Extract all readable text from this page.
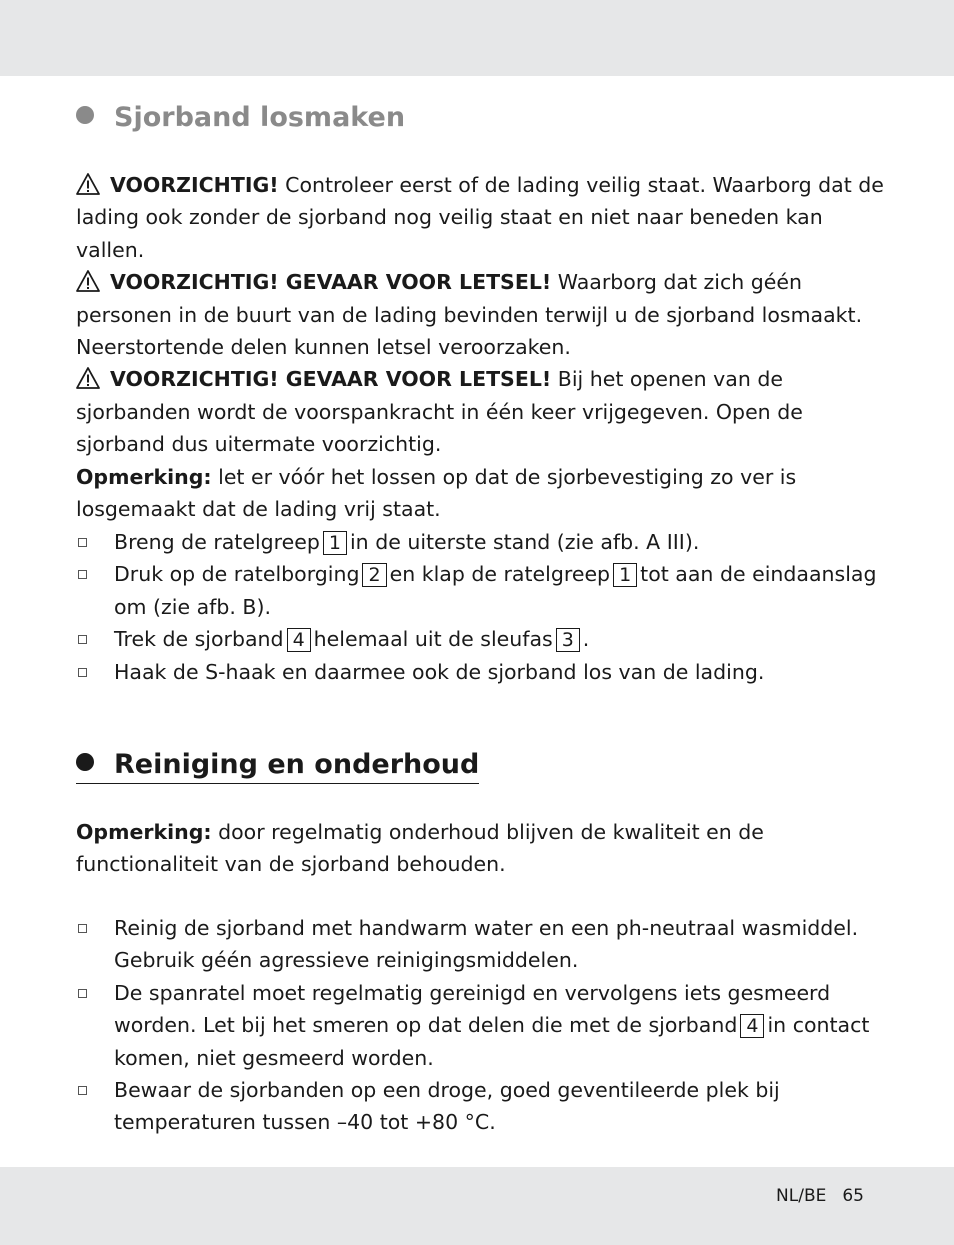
Sjorband losmaken
VOORZICHTIG! Controleer eerst of de lading veilig staat. Waarborg dat de lading ook zonder de sjorband nog veilig staat en niet naar beneden kan vallen.
VOORZICHTIG! GEVAAR VOOR LETSEL! Waarborg dat zich géén personen in de buurt van de lading bevinden terwijl u de sjorband losmaakt. Neerstortende delen kunnen letsel veroorzaken.
VOORZICHTIG! GEVAAR VOOR LETSEL! Bij het openen van de sjorbanden wordt de voorspankracht in één keer vrijgegeven. Open de sjorband dus uitermate voorzichtig.
Opmerking: let er vóór het lossen op dat de sjorbevestiging zo ver is losgemaakt dat de lading vrij staat.
Breng de ratelgreep 1 in de uiterste stand (zie afb. A III).
Druk op de ratelborging 2 en klap de ratelgreep 1 tot aan de eindaanslag om (zie afb. B).
Trek de sjorband 4 helemaal uit de sleufas 3 .
Haak de S-haak en daarmee ook de sjorband los van de lading.
Reiniging en onderhoud
Opmerking: door regelmatig onderhoud blijven de kwaliteit en de functionaliteit van de sjorband behouden.
Reinig de sjorband met handwarm water en een ph-neutraal wasmiddel. Gebruik géén agressieve reinigingsmiddelen.
De spanratel moet regelmatig gereinigd en vervolgens iets gesmeerd worden. Let bij het smeren op dat delen die met de sjorband 4 in contact komen, niet gesmeerd worden.
Bewaar de sjorbanden op een droge, goed geventileerde plek bij temperaturen tussen –40 tot +80 °C.
NL/BE 65
